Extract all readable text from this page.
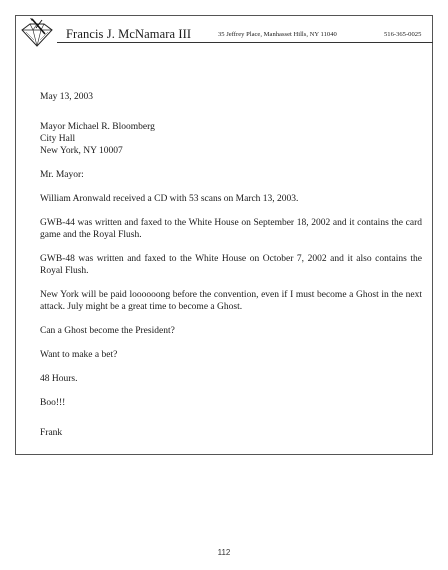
Francis J. McNamara III	35 Jeffrey Place, Manhasset Hills, NY 11040	516-365-0025

May 13, 2003

Mayor Michael R. Bloomberg

City Hall

New York, NY 10007

Mr. Mayor:

William Aronwald received a CD with 53 scans on March 13, 2003.

GWB-44 was written and faxed to the White House on September 18, 2002 and it contains the card game and the Royal Flush.

GWB-48 was written and faxed to the White House on October 7, 2002 and it also contains the Royal Flush.

New York will be paid loooooong before the convention, even if I must become a Ghost in the next attack. July might be a great time to become a Ghost.

Can a Ghost become the President?

Want to make a bet?

48 Hours.

Boo!!!

Frank

112
